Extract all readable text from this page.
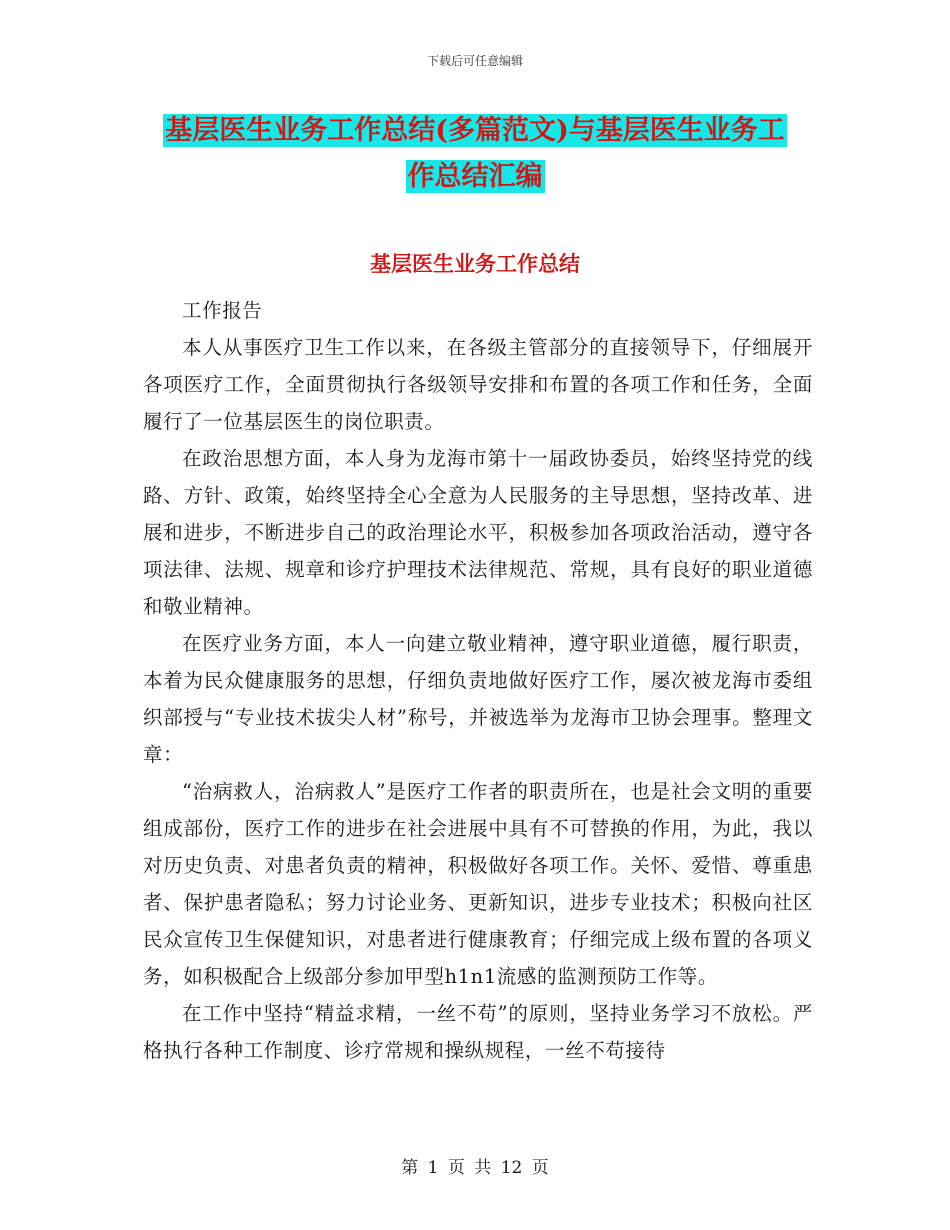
下载后可任意编辑
基层医生业务工作总结(多篇范文)与基层医生业务工
作总结汇编
基层医生业务工作总结

工作报告

本人从事医疗卫生工作以来，在各级主管部分的直接领导下，仔细展开各项医疗工作，全面贯彻执行各级领导安排和布置的各项工作和任务，全面履行了一位基层医生的岗位职责。

在政治思想方面，本人身为龙海市第十一届政协委员，始终坚持党的线路、方针、政策，始终坚持全心全意为人民服务的主导思想，坚持改革、进展和进步，不断进步自己的政治理论水平，积极参加各项政治活动，遵守各项法律、法规、规章和诊疗护理技术法律规范、常规，具有良好的职业道德和敬业精神。

在医疗业务方面，本人一向建立敬业精神，遵守职业道德，履行职责，本着为民众健康服务的思想，仔细负责地做好医疗工作，屡次被龙海市委组织部授与“专业技术拔尖人材”称号，并被选举为龙海市卫协会理事。整理文章：

“治病救人，治病救人”是医疗工作者的职责所在，也是社会文明的重要组成部份，医疗工作的进步在社会进展中具有不可替换的作用，为此，我以对历史负责、对患者负责的精神，积极做好各项工作。关怀、爱惜、尊重患者、保护患者隐私；努力讨论业务、更新知识，进步专业技术；积极向社区民众宣传卫生保健知识，对患者进行健康教育；仔细完成上级布置的各项义务，如积极配合上级部分参加甲型h1n1流感的监测预防工作等。

在工作中坚持“精益求精，一丝不苟”的原则，坚持业务学习不放松。严格执行各种工作制度、诊疗常规和操纵规程，一丝不苟接待

第 1 页 共 12 页
